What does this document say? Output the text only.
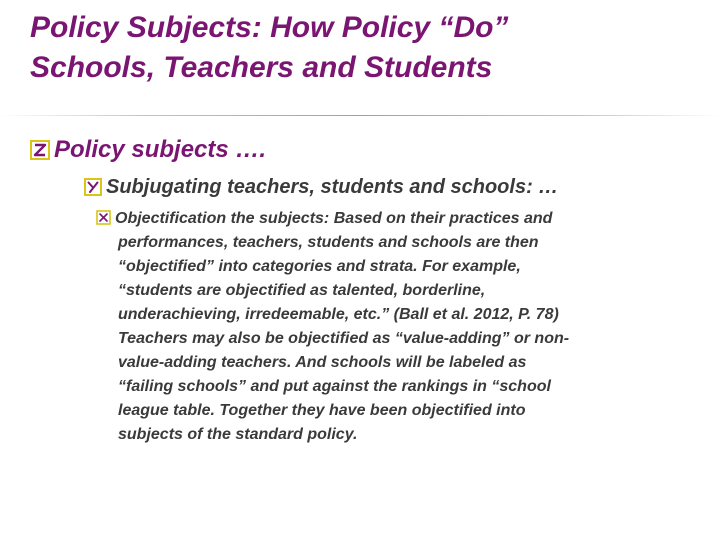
Policy Subjects: How Policy “Do”
Schools, Teachers and Students
Policy subjects ….
Subjugating teachers, students and schools: …
Objectification the subjects: Based on their practices and
performances, teachers, students and schools are then
“objectified” into categories and strata. For example,
“students are objectified as talented, borderline,
underachieving, irredeemable, etc.” (Ball et al. 2012, P. 78)
Teachers may also be objectified as “value-adding” or non-
value-adding teachers. And schools will be labeled as
“failing schools” and put against the rankings in “school
league table. Together they have been objectified into
subjects of the standard policy.
